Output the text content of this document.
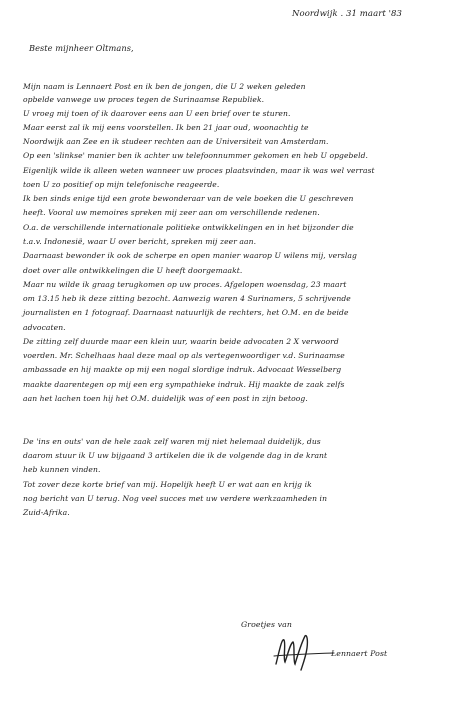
Noordwijk . 31 maart '83
Beste mijnheer Oltmans,
Mijn naam is Lennaert Post en ik ben de jongen, die U 2 weken geleden
opbelde vanwege uw proces tegen de Surinaamse Republiek.
U vroeg mij toen of ik daarover eens aan U een brief over te sturen.
Maar eerst zal ik mij eens voorstellen. Ik ben 21 jaar oud, woonachtig te
Noordwijk aan Zee en ik studeer rechten aan de Universiteit van Amsterdam.
Op een 'slinkse' manier ben ik achter uw telefoonnummer gekomen en heb U opgebeld.
Eigenlijk wilde ik alleen weten wanneer uw proces plaatsvinden, maar ik was wel verrast
toen U zo positief op mijn telefonische reageerde.
Ik ben sinds enige tijd een grote bewonderaar van de vele boeken die U geschreven
heeft. Vooral uw memoires spreken mij zeer aan om verschillende redenen.
O.a. de verschillende internationale politieke ontwikkelingen en in het bijzonder die
t.a.v. Indonesië, waar U over bericht, spreken mij zeer aan.
Daarnaast bewonder ik ook de scherpe en open manier waarop U wilens mij, verslag
doet over alle ontwikkelingen die U heeft doorgemaakt.
Maar nu wilde ik graag terugkomen op uw proces. Afgelopen woensdag, 23 maart
om 13.15 heb ik deze zitting bezocht. Aanwezig waren 4 Surinamers, 5 schrijvende
journalisten en 1 fotograaf. Daarnaast natuurlijk de rechters, het O.M. en de beide
advocaten.
De zitting zelf duurde maar een klein uur, waarin beide advocaten 2 X verwoord
voerden. Mr. Schelhaas haal deze maal op als vertegenwoordiger v.d. Surinaamse
ambassade en hij maakte op mij een nogal slordige indruk. Advocaat Wesselberg
maakte daarentegen op mij een erg sympathieke indruk. Hij maakte de zaak zelfs
aan het lachen toen hij het O.M. duidelijk was of een post in zijn betoog.
De 'ins en outs' van de hele zaak zelf waren mij niet helemaal duidelijk, dus
daarom stuur ik U uw bijgaand 3 artikelen die ik de volgende dag in de krant
heb kunnen vinden.
Tot zover deze korte brief van mij. Hopelijk heeft U er wat aan en krijg ik
nog bericht van U terug. Nog veel succes met uw verdere werkzaamheden in
Zuid-Afrika.
Groetjes van
Lennaert Post
